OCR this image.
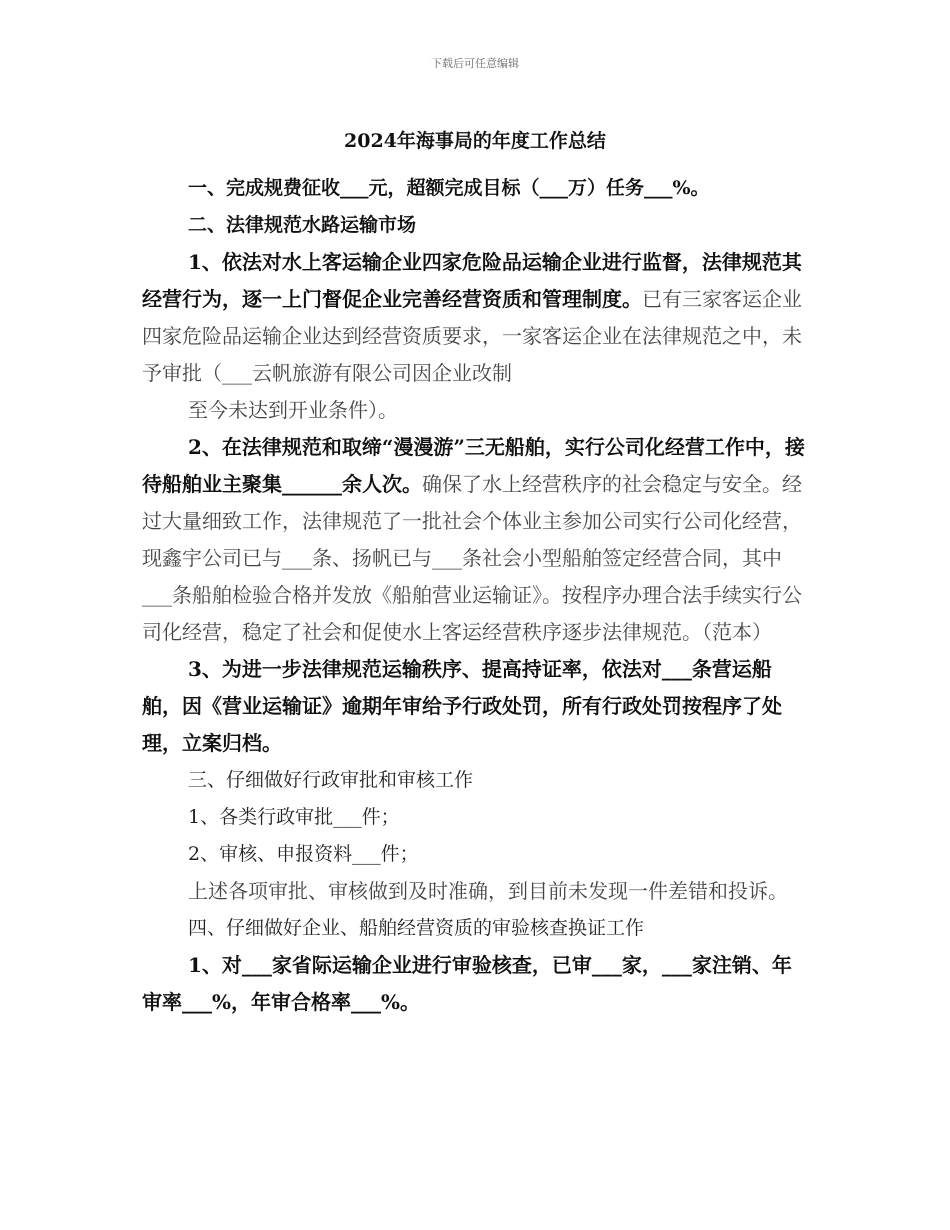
下载后可任意编辑
2024年海事局的年度工作总结

一、完成规费征收___元，超额完成目标（___万）任务___%。

二、法律规范水路运输市场

1、依法对水上客运输企业四家危险品运输企业进行监督，法律规范其经营行为，逐一上门督促企业完善经营资质和管理制度。已有三家客运企业四家危险品运输企业达到经营资质要求，一家客运企业在法律规范之中，未予审批（___云帆旅游有限公司因企业改制

至今未达到开业条件）。

2、在法律规范和取缔“漫漫游”三无船舶，实行公司化经营工作中，接待船舶业主聚集______余人次。确保了水上经营秩序的社会稳定与安全。经过大量细致工作，法律规范了一批社会个体业主参加公司实行公司化经营，现鑫宇公司已与___条、扬帆已与___条社会小型船舶签定经营合同，其中___条船舶检验合格并发放《船舶营业运输证》。按程序办理合法手续实行公司化经营，稳定了社会和促使水上客运经营秩序逐步法律规范。（范本）

3、为进一步法律规范运输秩序、提高持证率，依法对___条营运船舶，因《营业运输证》逾期年审给予行政处罚，所有行政处罚按程序了处理，立案归档。

三、仔细做好行政审批和审核工作

1、各类行政审批___件；

2、审核、申报资料___件；

上述各项审批、审核做到及时准确，到目前未发现一件差错和投诉。

四、仔细做好企业、船舶经营资质的审验核查换证工作

1、对___家省际运输企业进行审验核查，已审___家，___家注销、年审率___%，年审合格率___%。
